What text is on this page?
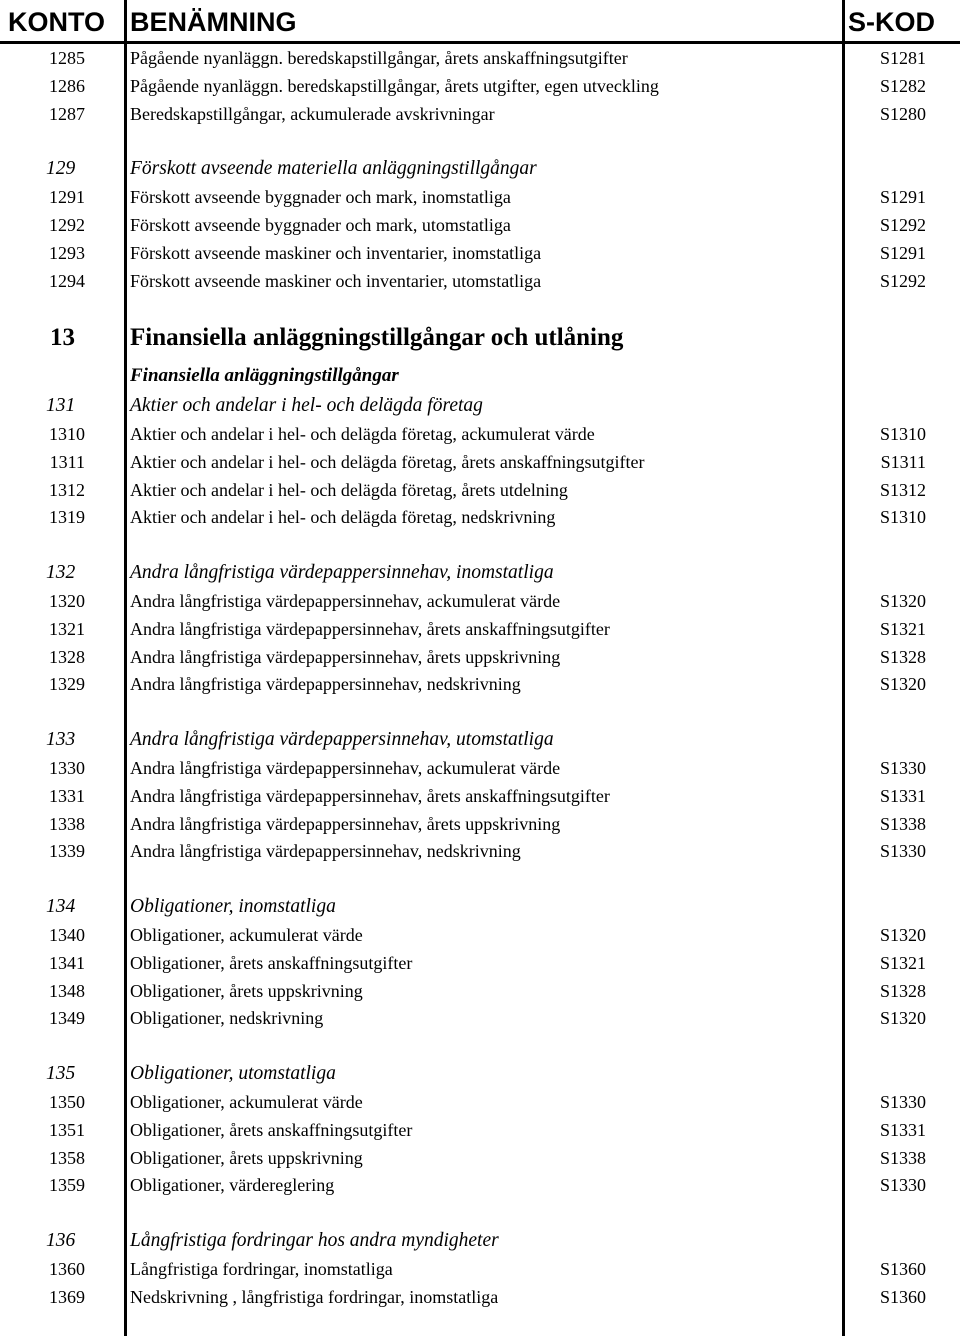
KONTO BENÄMNING	S-KOD
1285	Pågående nyanläggn. beredskapstillgångar, årets anskaffningsutgifter	S1281
1286	Pågående nyanläggn. beredskapstillgångar, årets utgifter, egen utveckling	S1282
1287	Beredskapstillgångar, ackumulerade avskrivningar	S1280
129	Förskott avseende materiella anläggningstillgångar
1291	Förskott avseende byggnader och mark, inomstatliga	S1291
1292	Förskott avseende byggnader och mark, utomstatliga	S1292
1293	Förskott avseende maskiner och inventarier, inomstatliga	S1291
1294	Förskott avseende maskiner och inventarier, utomstatliga	S1292
13 Finansiella anläggningstillgångar och utlåning
Finansiella anläggningstillgångar
131	Aktier och andelar i hel- och delägda företag
1310	Aktier och andelar i hel- och delägda företag, ackumulerat värde	S1310
1311	Aktier och andelar i hel- och delägda företag, årets anskaffningsutgifter	S1311
1312	Aktier och andelar i hel- och delägda företag, årets utdelning	S1312
1319	Aktier och andelar i hel- och delägda företag, nedskrivning	S1310
132	Andra långfristiga värdepappersinnehav, inomstatliga
1320	Andra långfristiga värdepappersinnehav, ackumulerat värde	S1320
1321	Andra långfristiga värdepappersinnehav, årets anskaffningsutgifter	S1321
1328	Andra långfristiga värdepappersinnehav, årets uppskrivning	S1328
1329	Andra långfristiga värdepappersinnehav, nedskrivning	S1320
133	Andra långfristiga värdepappersinnehav, utomstatliga
1330	Andra långfristiga värdepappersinnehav, ackumulerat värde	S1330
1331	Andra långfristiga värdepappersinnehav, årets anskaffningsutgifter	S1331
1338	Andra långfristiga värdepappersinnehav, årets uppskrivning	S1338
1339	Andra långfristiga värdepappersinnehav, nedskrivning	S1330
134	Obligationer, inomstatliga
1340	Obligationer, ackumulerat värde	S1320
1341	Obligationer, årets anskaffningsutgifter	S1321
1348	Obligationer, årets uppskrivning	S1328
1349	Obligationer, nedskrivning	S1320
135	Obligationer, utomstatliga
1350	Obligationer, ackumulerat värde	S1330
1351	Obligationer, årets anskaffningsutgifter	S1331
1358	Obligationer, årets uppskrivning	S1338
1359	Obligationer, värdereglering	S1330
136	Långfristiga fordringar hos andra myndigheter
1360	Långfristiga fordringar, inomstatliga	S1360
1369	Nedskrivning , långfristiga fordringar, inomstatliga	S1360
